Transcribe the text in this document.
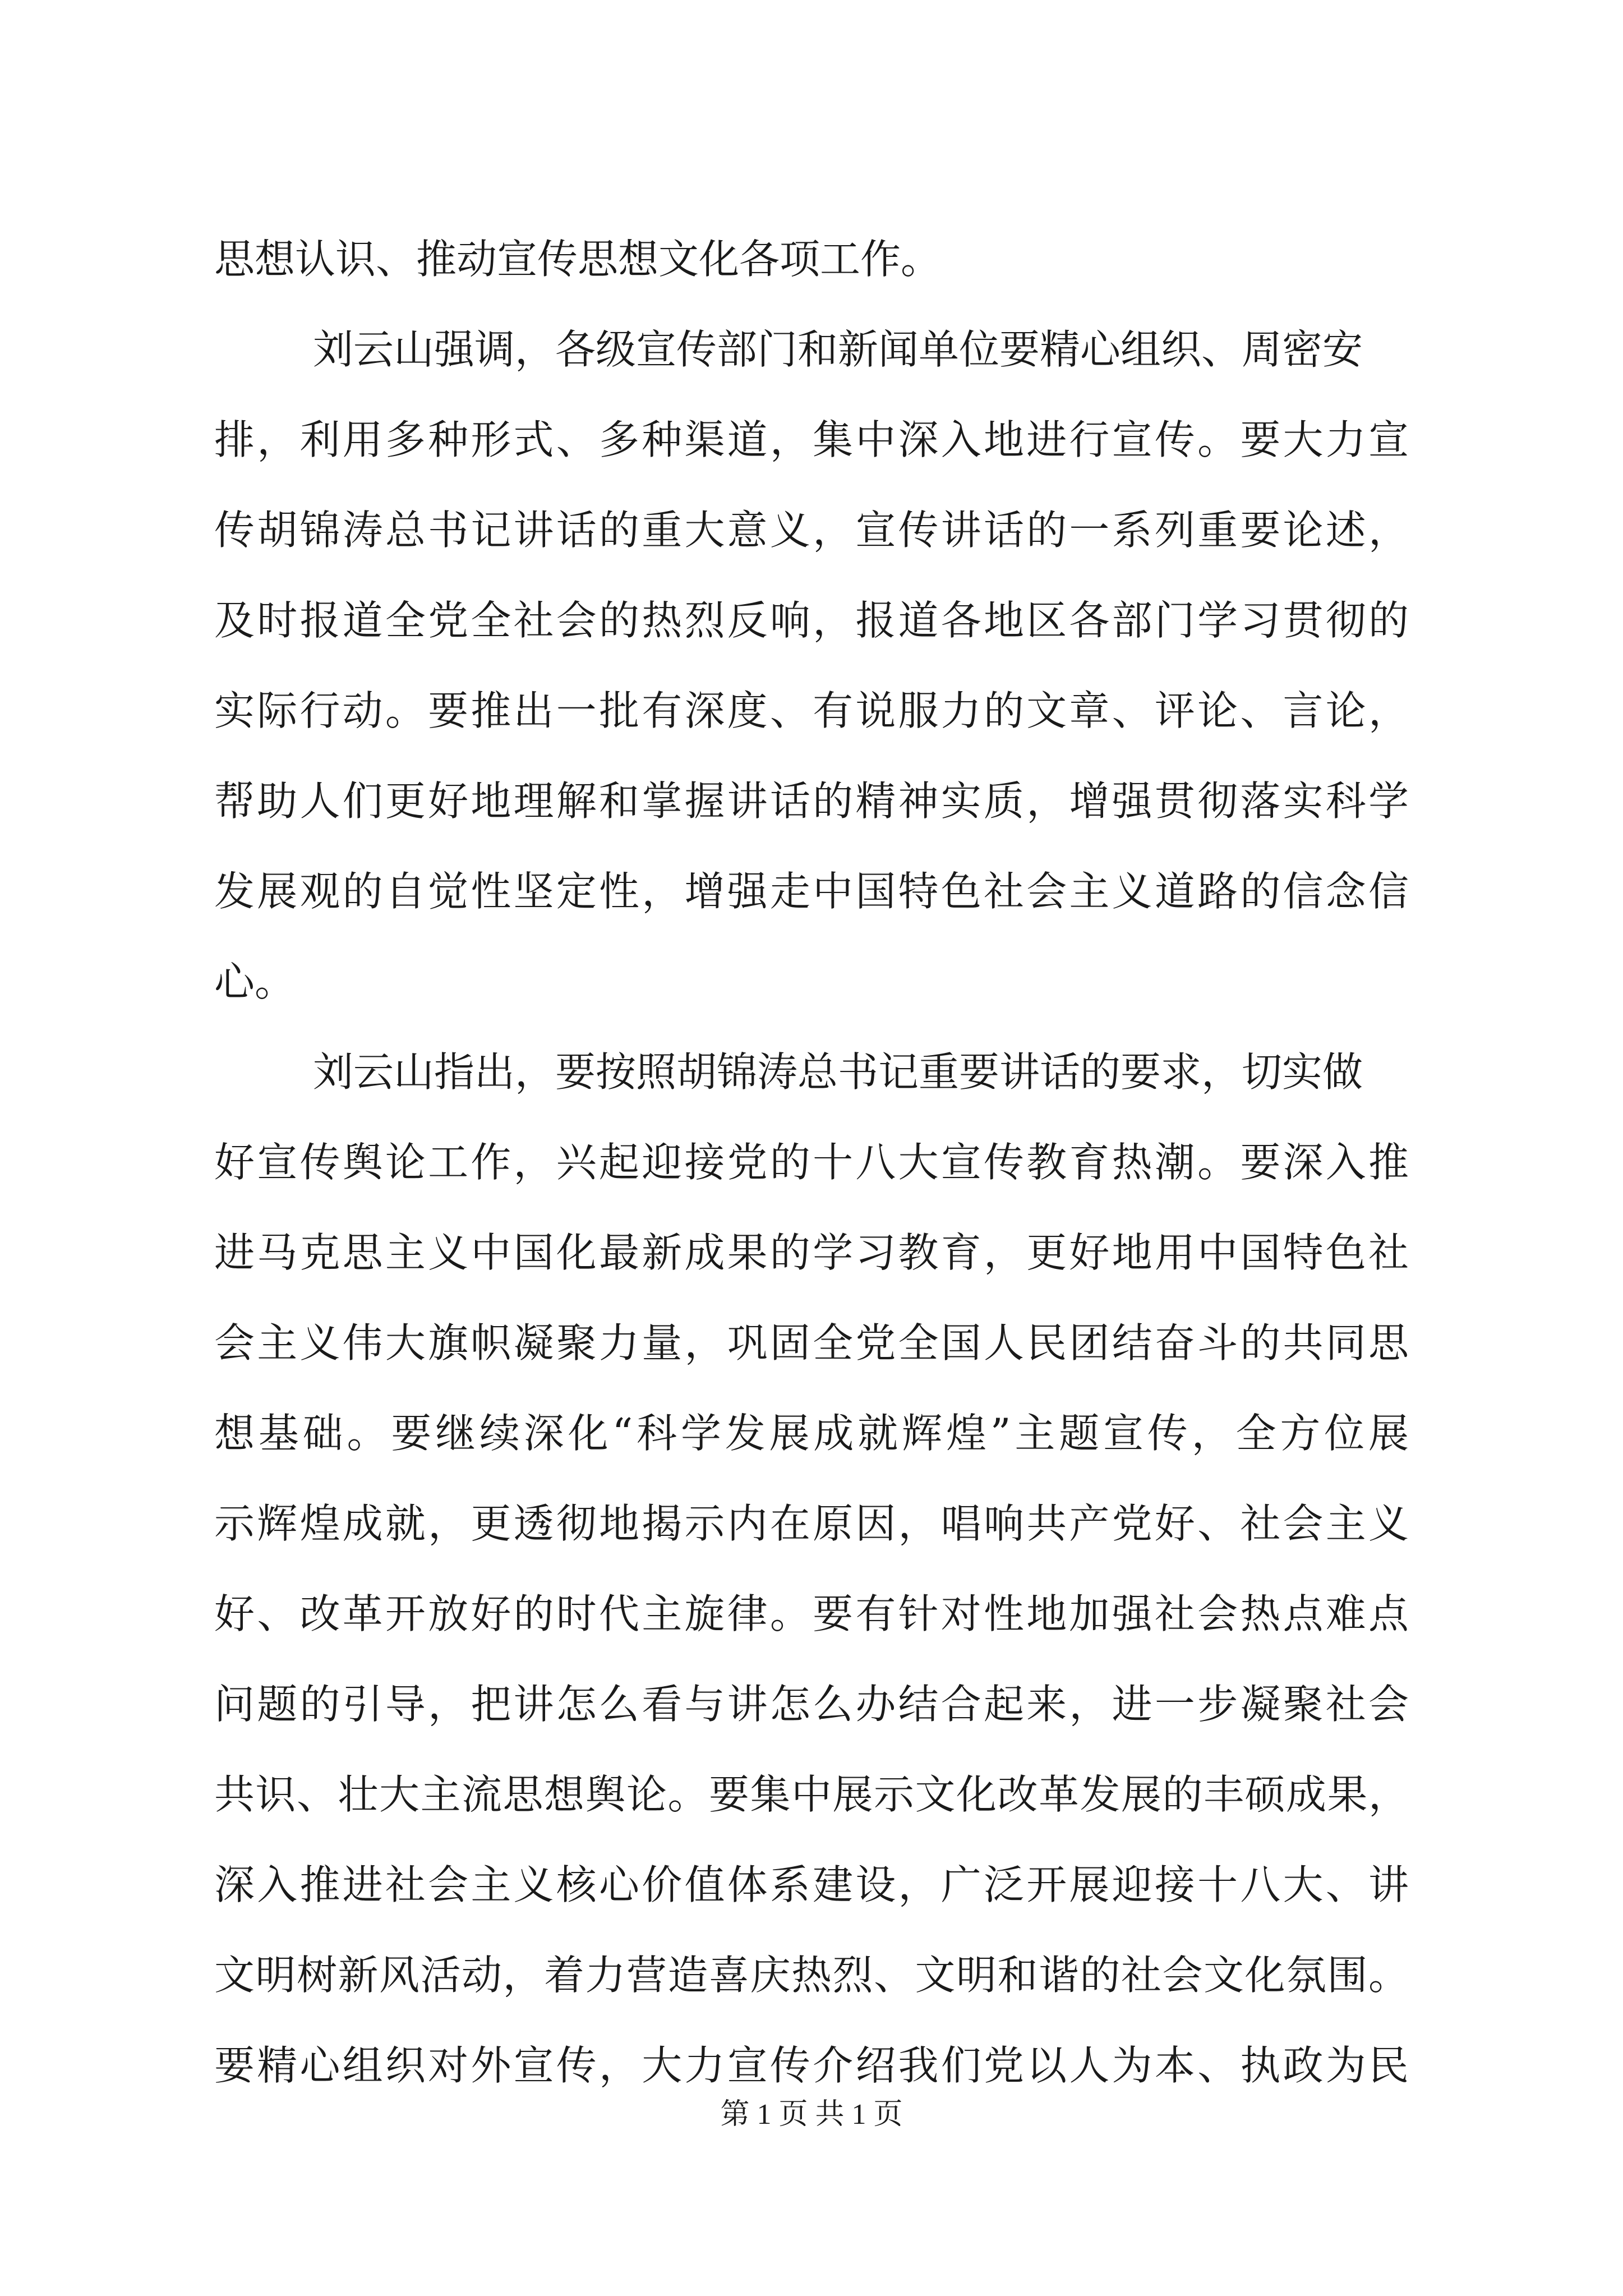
思想认识、推动宣传思想文化各项工作。
刘云山强调，各级宣传部门和新闻单位要精心组织、周密安
排，利用多种形式、多种渠道，集中深入地进行宣传。要大力宣
传胡锦涛总书记讲话的重大意义，宣传讲话的一系列重要论述，
及时报道全党全社会的热烈反响，报道各地区各部门学习贯彻的
实际行动。要推出一批有深度、有说服力的文章、评论、言论，
帮助人们更好地理解和掌握讲话的精神实质，增强贯彻落实科学
发展观的自觉性坚定性，增强走中国特色社会主义道路的信念信
心。
刘云山指出，要按照胡锦涛总书记重要讲话的要求，切实做
好宣传舆论工作，兴起迎接党的十八大宣传教育热潮。要深入推
进马克思主义中国化最新成果的学习教育，更好地用中国特色社
会主义伟大旗帜凝聚力量，巩固全党全国人民团结奋斗的共同思
想基础。要继续深化“科学发展成就辉煌”主题宣传，全方位展
示辉煌成就，更透彻地揭示内在原因，唱响共产党好、社会主义
好、改革开放好的时代主旋律。要有针对性地加强社会热点难点
问题的引导，把讲怎么看与讲怎么办结合起来，进一步凝聚社会
共识、壮大主流思想舆论。要集中展示文化改革发展的丰硕成果，
深入推进社会主义核心价值体系建设，广泛开展迎接十八大、讲
文明树新风活动，着力营造喜庆热烈、文明和谐的社会文化氛围。
要精心组织对外宣传，大力宣传介绍我们党以人为本、执政为民
第 1 页 共 1 页
